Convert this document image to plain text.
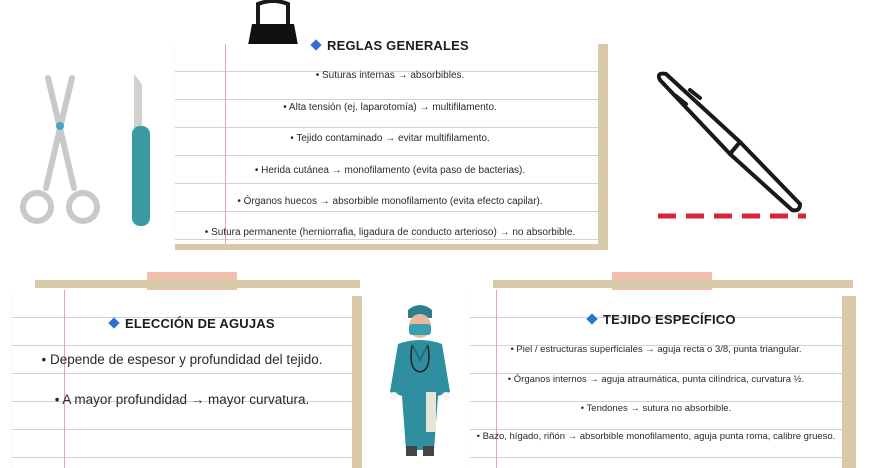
REGLAS GENERALES
• Suturas internas → absorbibles.
• Alta tensión (ej. laparotomía) → multifilamento.
• Tejido contaminado → evitar multifilamento.
• Herida cutánea → monofilamento (evita paso de bacterias).
• Órganos huecos → absorbible monofilamento (evita efecto capilar).
• Sutura permanente (herniorrafia, ligadura de conducto arterioso) → no absorbible.
ELECCIÓN DE AGUJAS
• Depende de espesor y profundidad del tejido.
• A mayor profundidad → mayor curvatura.
TEJIDO ESPECÍFICO
• Piel / estructuras superficiales → aguja recta o 3/8, punta triangular.
• Órganos internos → aguja atraumática, punta cilíndrica, curvatura ½.
• Tendones → sutura no absorbible.
• Bazo, hígado, riñón → absorbible monofilamento, aguja punta roma, calibre grueso.
